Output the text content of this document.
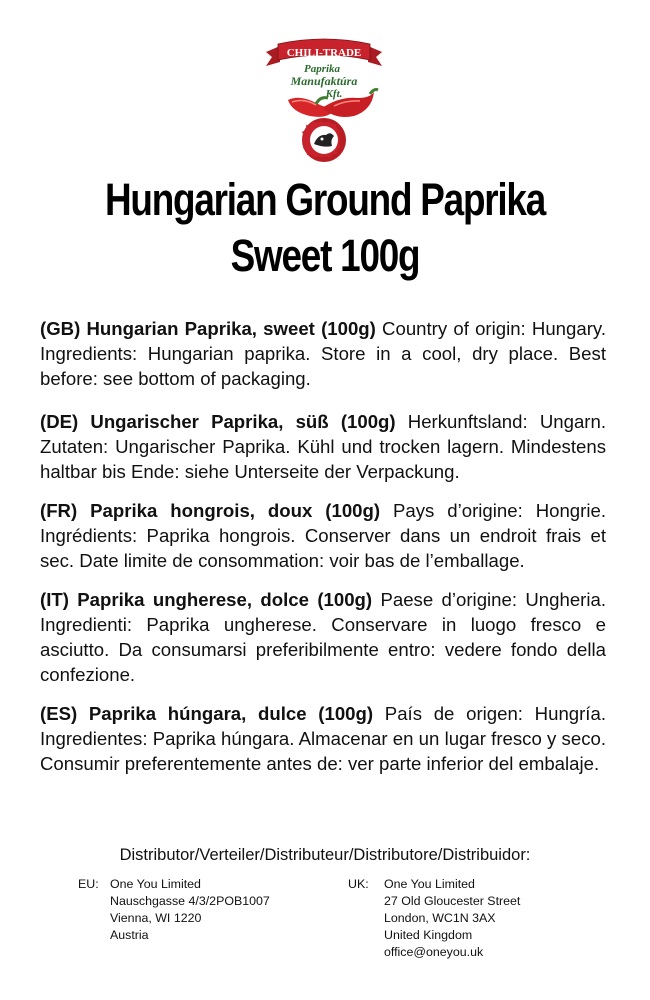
CHILI-TRADE
Paprika
Manufaktúra
Kft.
Hungarian Ground Paprika
Sweet 100g

(GB) Hungarian Paprika, sweet (100g) Country of origin: Hungary. Ingredients: Hungarian paprika. Store in a cool, dry place. Best before: see bottom of packaging.

(DE) Ungarischer Paprika, süß (100g) Herkunftsland: Ungarn. Zutaten: Ungarischer Paprika. Kühl und trocken lagern. Mindestens haltbar bis Ende: siehe Unterseite der Verpackung.

(FR) Paprika hongrois, doux (100g) Pays d’origine: Hongrie. Ingrédients: Paprika hongrois. Conserver dans un endroit frais et sec. Date limite de consommation: voir bas de l’emballage.

(IT) Paprika ungherese, dolce (100g) Paese d’origine: Ungheria. Ingredienti: Paprika ungherese. Conservare in luogo fresco e asciutto. Da consumarsi preferibilmente entro: vedere fondo della confezione.

(ES) Paprika húngara, dulce (100g) País de origen: Hungría. Ingredientes: Paprika húngara. Almacenar en un lugar fresco y seco. Consumir preferentemente antes de: ver parte inferior del embalaje.

Distributor/Verteiler/Distributeur/Distributore/Distribuidor:
EU: One You Limited
Nauschgasse 4/3/2POB1007
Vienna, WI 1220
Austria
UK: One You Limited
27 Old Gloucester Street
London, WC1N 3AX
United Kingdom
office@oneyou.uk
